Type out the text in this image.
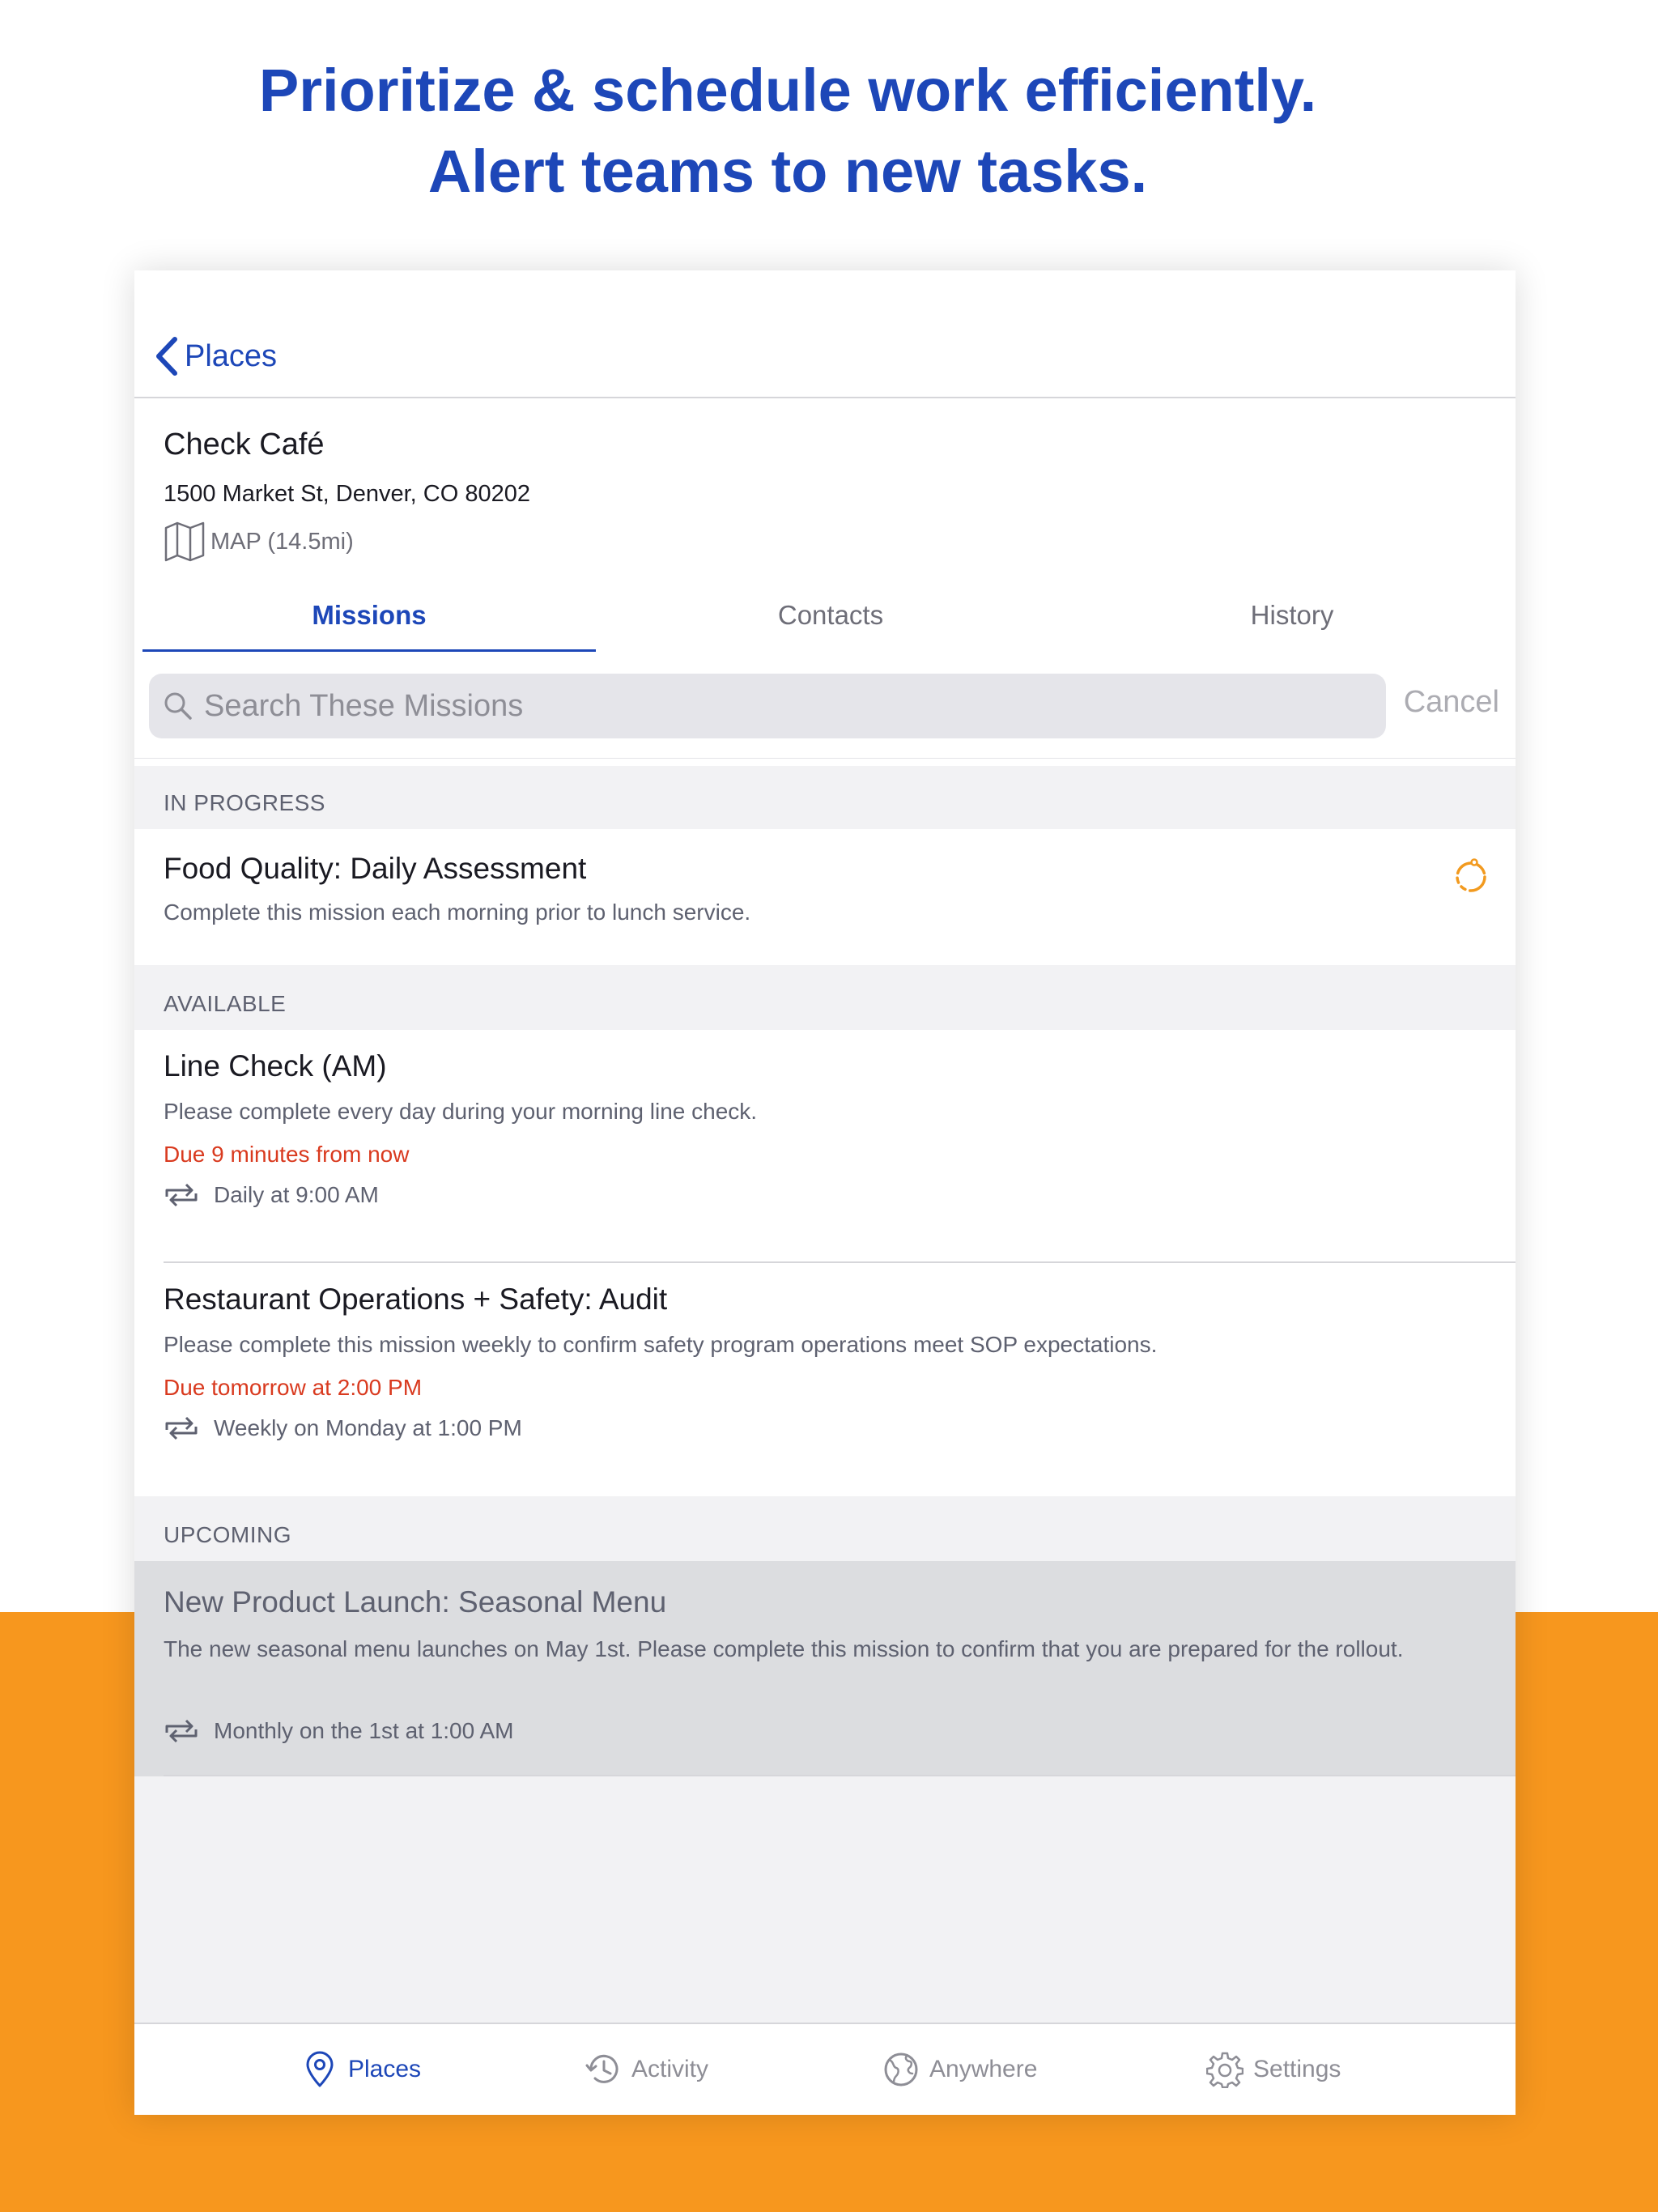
Prioritize & schedule work efficiently.
Alert teams to new tasks.
Places
Check Café
1500 Market St, Denver, CO 80202
MAP (14.5mi)
Missions	Contacts	History
Search These Missions
Cancel
IN PROGRESS
Food Quality: Daily Assessment
Complete this mission each morning prior to lunch service.
AVAILABLE
Line Check (AM)
Please complete every day during your morning line check.
Due 9 minutes from now
Daily at 9:00 AM
Restaurant Operations + Safety: Audit
Please complete this mission weekly to confirm safety program operations meet SOP expectations.
Due tomorrow at 2:00 PM
Weekly on Monday at 1:00 PM
UPCOMING
New Product Launch: Seasonal Menu
The new seasonal menu launches on May 1st. Please complete this mission to confirm that you are prepared for the rollout.
Monthly on the 1st at 1:00 AM
Places	Activity	Anywhere	Settings
